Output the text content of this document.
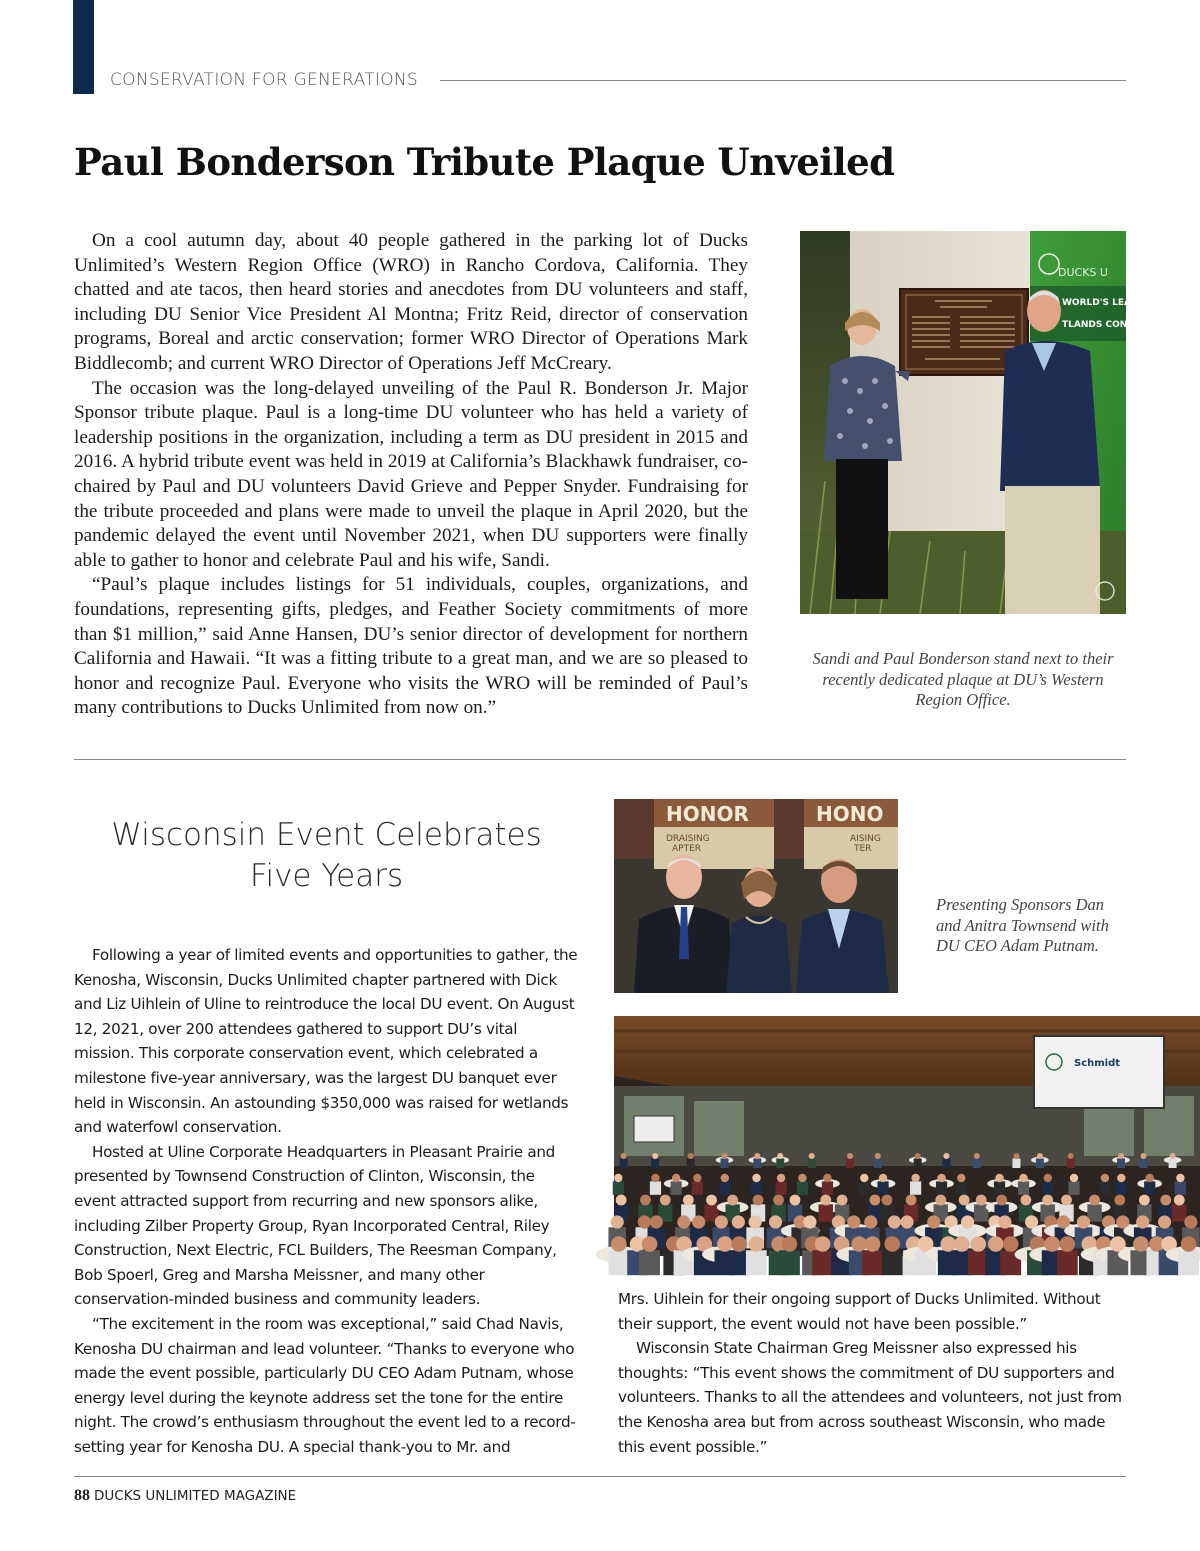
CONSERVATION FOR GENERATIONS
Paul Bonderson Tribute Plaque Unveiled

On a cool autumn day, about 40 people gathered in the parking lot of Ducks Unlimited’s Western Region Office (WRO) in Rancho Cordova, California. They chatted and ate tacos, then heard stories and anecdotes from DU volunteers and staff, including DU Senior Vice President Al Montna; Fritz Reid, director of conservation programs, Boreal and arctic conservation; former WRO Director of Operations Mark Biddlecomb; and current WRO Director of Operations Jeff McCreary.

The occasion was the long-delayed unveiling of the Paul R. Bonderson Jr. Major Sponsor tribute plaque. Paul is a long-time DU volunteer who has held a variety of leadership positions in the organization, including a term as DU president in 2015 and 2016. A hybrid tribute event was held in 2019 at California’s Blackhawk fundraiser, co-chaired by Paul and DU volunteers David Grieve and Pepper Snyder. Fundraising for the tribute proceeded and plans were made to unveil the plaque in April 2020, but the pandemic delayed the event until November 2021, when DU supporters were finally able to gather to honor and celebrate Paul and his wife, Sandi.

“Paul’s plaque includes listings for 51 individuals, couples, organizations, and foundations, representing gifts, pledges, and Feather Society commitments of more than $1 million,” said Anne Hansen, DU’s senior director of development for northern California and Hawaii. “It was a fitting tribute to a great man, and we are so pleased to honor and recognize Paul. Everyone who visits the WRO will be reminded of Paul’s many contributions to Ducks Unlimited from now on.”

DUCKS U
WORLD'S LEA
TLANDS CONS
Sandi and Paul Bonderson stand next to their recently dedicated plaque at DU’s Western Region Office.
Wisconsin Event Celebrates
Five Years

Following a year of limited events and opportunities to gather, the Kenosha, Wisconsin, Ducks Unlimited chapter partnered with Dick and Liz Uihlein of Uline to reintroduce the local DU event. On August 12, 2021, over 200 attendees gathered to support DU’s vital mission. This corporate conservation event, which celebrated a milestone five-year anniversary, was the largest DU banquet ever held in Wisconsin. An astounding $350,000 was raised for wetlands and waterfowl conservation.

Hosted at Uline Corporate Headquarters in Pleasant Prairie and presented by Townsend Construction of Clinton, Wisconsin, the event attracted support from recurring and new sponsors alike, including Zilber Property Group, Ryan Incorporated Central, Riley Construction, Next Electric, FCL Builders, The Reesman Company, Bob Spoerl, Greg and Marsha Meissner, and many other conservation-minded business and community leaders.

“The excitement in the room was exceptional,” said Chad Navis, Kenosha DU chairman and lead volunteer. “Thanks to everyone who made the event possible, particularly DU CEO Adam Putnam, whose energy level during the keynote address set the tone for the entire night. The crowd’s enthusiasm throughout the event led to a record-setting year for Kenosha DU. A special thank-you to Mr. and

Mrs. Uihlein for their ongoing support of Ducks Unlimited. Without their support, the event would not have been possible.”

Wisconsin State Chairman Greg Meissner also expressed his thoughts: “This event shows the commitment of DU supporters and volunteers. Thanks to all the attendees and volunteers, not just from the Kenosha area but from across southeast Wisconsin, who made this event possible.”

HONOR	HONO
DRAISING
APTER
AISING
TER
Presenting Sponsors Dan and Anitra Townsend with DU CEO Adam Putnam.
Schmidt
88 DUCKS UNLIMITED MAGAZINE
